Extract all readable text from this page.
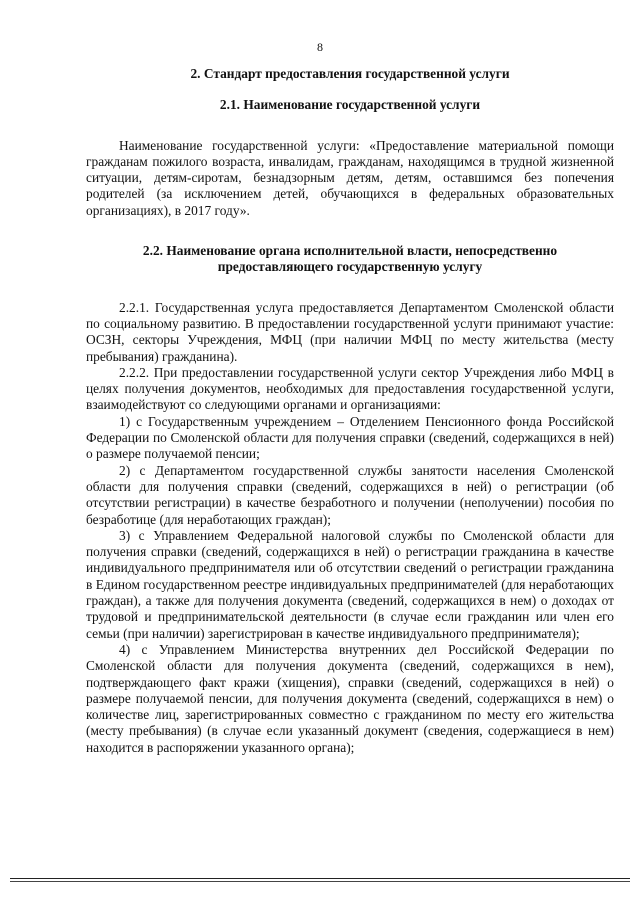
8
2. Стандарт предоставления государственной услуги
2.1. Наименование государственной услуги

Наименование государственной услуги: «Предоставление материальной помощи гражданам пожилого возраста, инвалидам, гражданам, находящимся в трудной жизненной ситуации, детям-сиротам, безнадзорным детям, детям, оставшимся без попечения родителей (за исключением детей, обучающихся в федеральных образовательных организациях), в 2017 году».

2.2. Наименование органа исполнительной власти, непосредственно предоставляющего государственную услугу

2.2.1. Государственная услуга предоставляется Департаментом Смоленской области по социальному развитию. В предоставлении государственной услуги принимают участие: ОСЗН, секторы Учреждения, МФЦ (при наличии МФЦ по месту жительства (месту пребывания) гражданина).

2.2.2. При предоставлении государственной услуги сектор Учреждения либо МФЦ в целях получения документов, необходимых для предоставления государственной услуги, взаимодействуют со следующими органами и организациями:

1) с Государственным учреждением – Отделением Пенсионного фонда Российской Федерации по Смоленской области для получения справки (сведений, содержащихся в ней) о размере получаемой пенсии;

2) с Департаментом государственной службы занятости населения Смоленской области для получения справки (сведений, содержащихся в ней) о регистрации (об отсутствии регистрации) в качестве безработного и получении (неполучении) пособия по безработице (для неработающих граждан);

3) с Управлением Федеральной налоговой службы по Смоленской области для получения справки (сведений, содержащихся в ней) о регистрации гражданина в качестве индивидуального предпринимателя или об отсутствии сведений о регистрации гражданина в Едином государственном реестре индивидуальных предпринимателей (для неработающих граждан), а также для получения документа (сведений, содержащихся в нем) о доходах от трудовой и предпринимательской деятельности (в случае если гражданин или член его семьи (при наличии) зарегистрирован в качестве индивидуального предпринимателя);

4) с Управлением Министерства внутренних дел Российской Федерации по Смоленской области для получения документа (сведений, содержащихся в нем), подтверждающего факт кражи (хищения), справки (сведений, содержащихся в ней) о размере получаемой пенсии, для получения документа (сведений, содержащихся в нем) о количестве лиц, зарегистрированных совместно с гражданином по месту его жительства (месту пребывания) (в случае если указанный документ (сведения, содержащиеся в нем) находится в распоряжении указанного органа);
